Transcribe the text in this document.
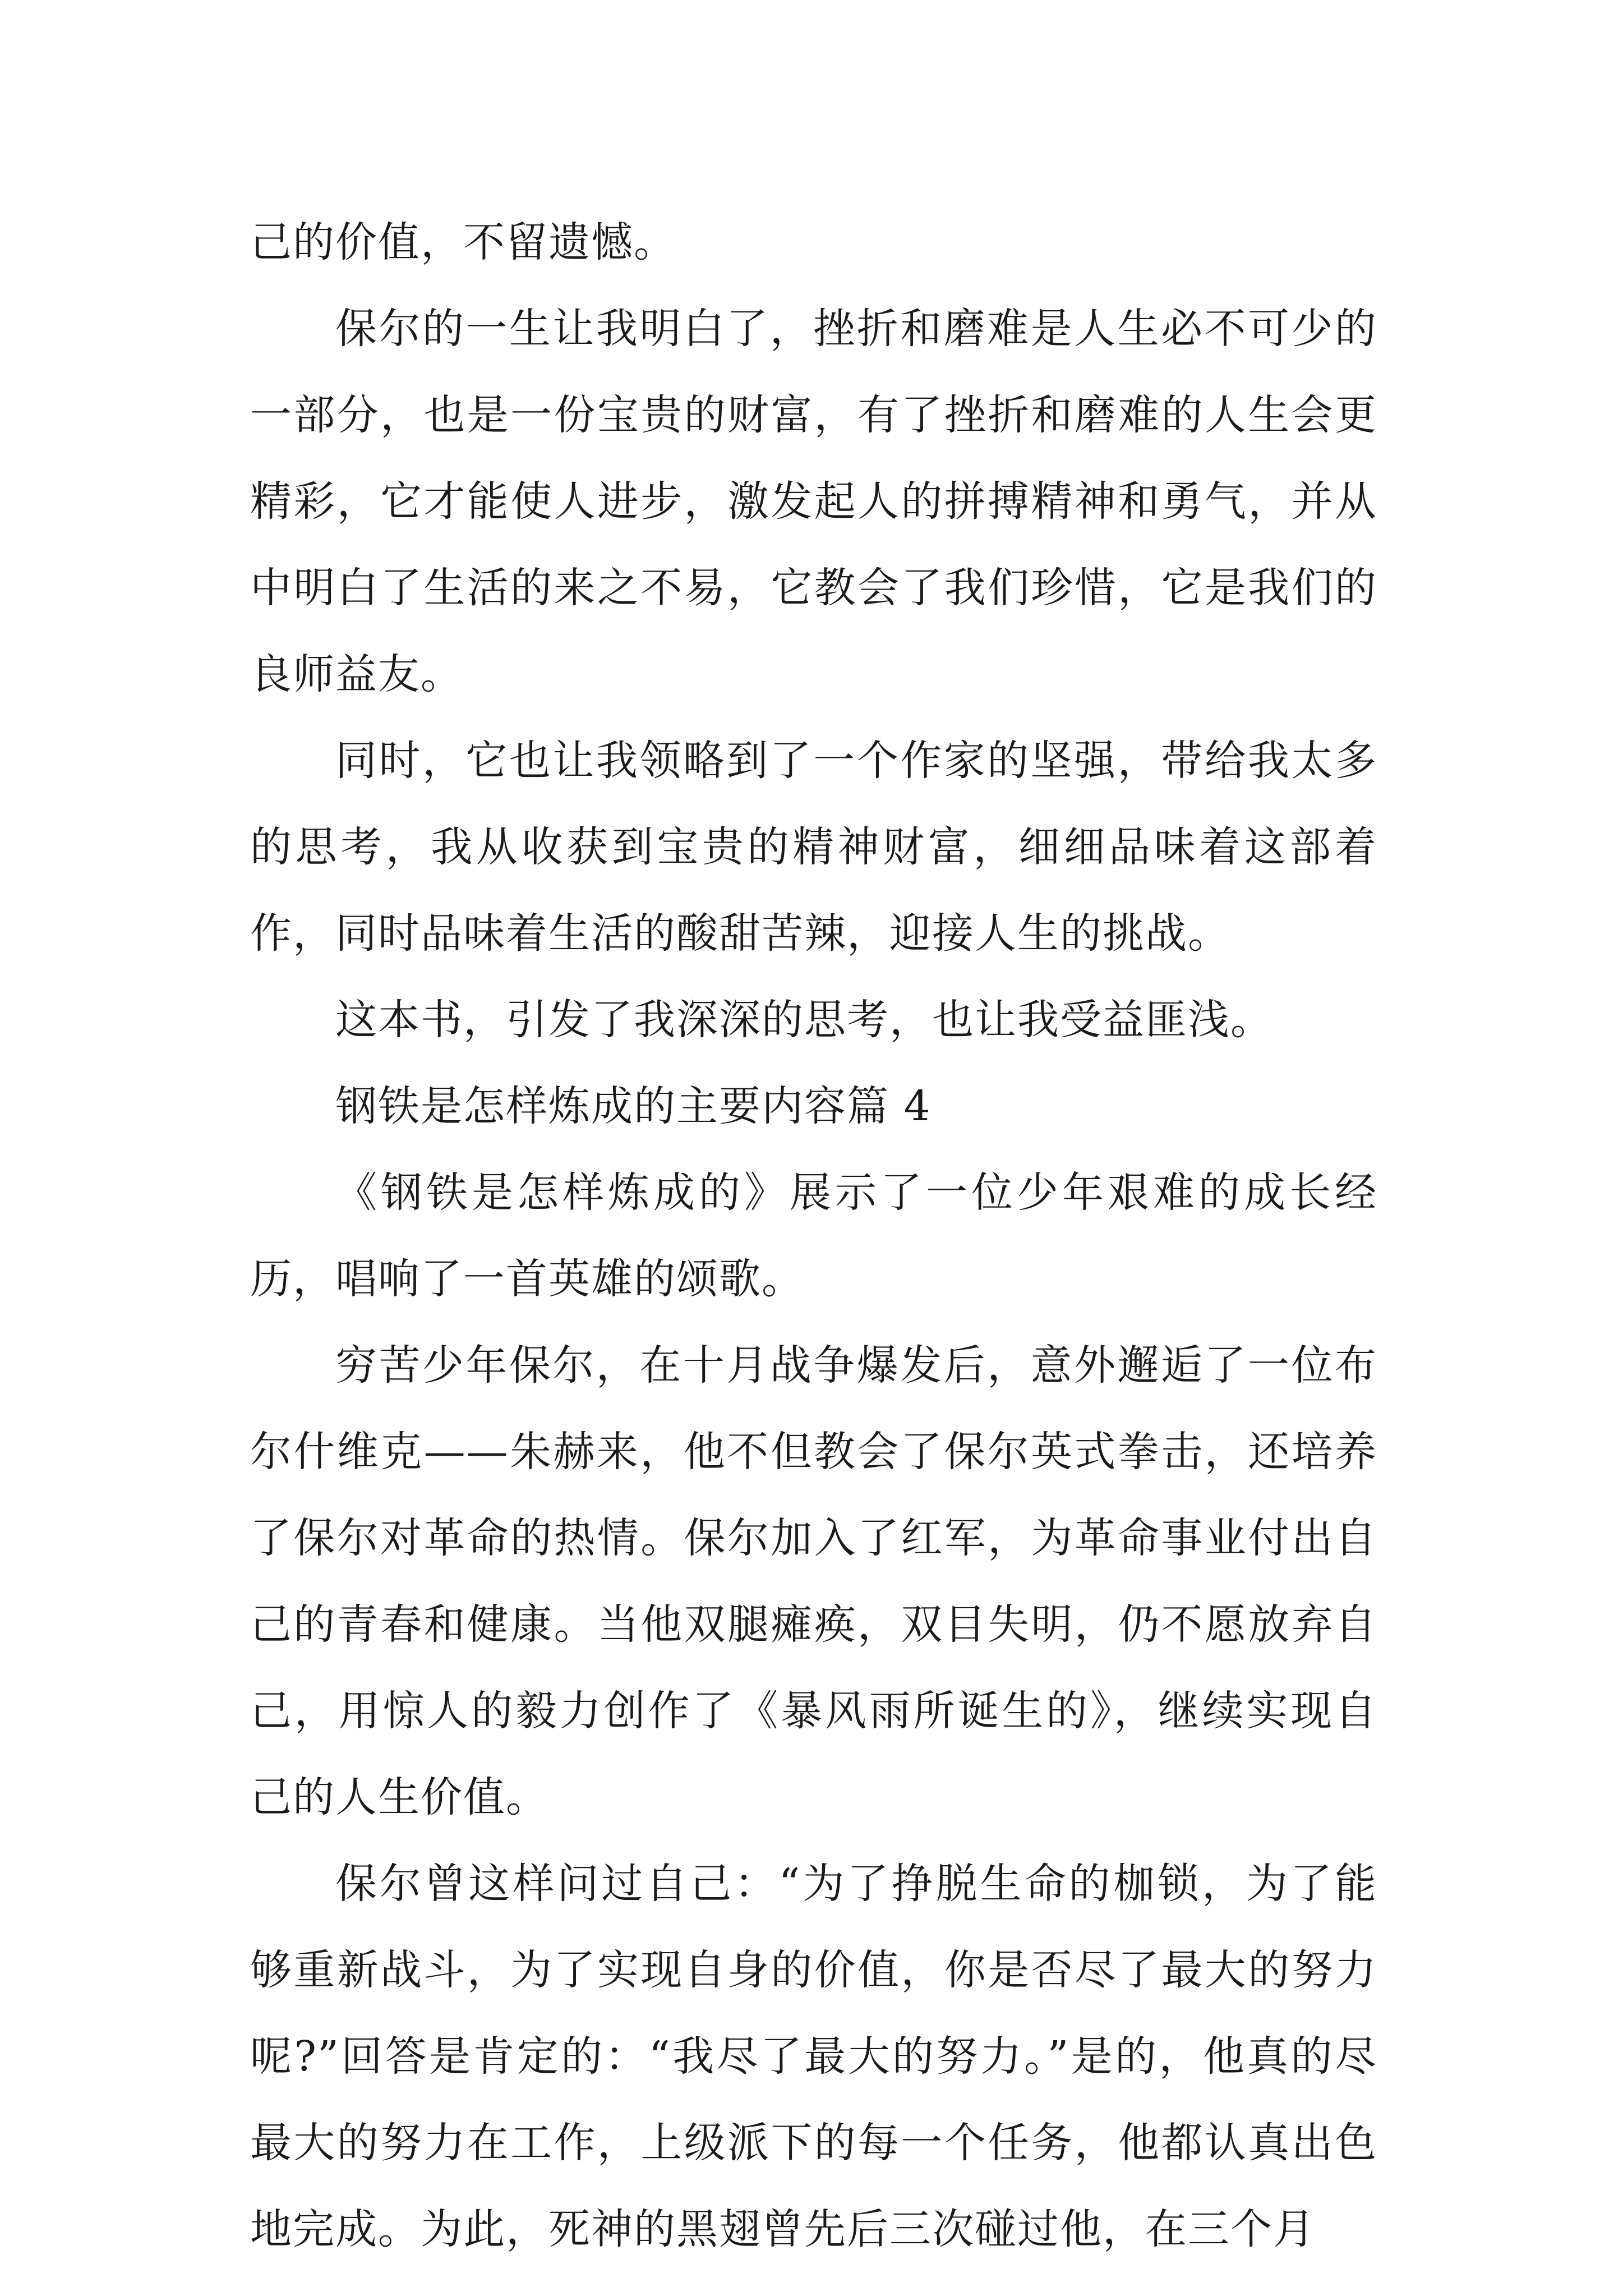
己的价值，不留遗憾。

保尔的一生让我明白了，挫折和磨难是人生必不可少的一部分，也是一份宝贵的财富，有了挫折和磨难的人生会更精彩，它才能使人进步，激发起人的拼搏精神和勇气，并从中明白了生活的来之不易，它教会了我们珍惜，它是我们的良师益友。

同时，它也让我领略到了一个作家的坚强，带给我太多的思考，我从收获到宝贵的精神财富，细细品味着这部着作，同时品味着生活的酸甜苦辣，迎接人生的挑战。

这本书，引发了我深深的思考，也让我受益匪浅。

钢铁是怎样炼成的主要内容篇 4

《钢铁是怎样炼成的》展示了一位少年艰难的成长经历，唱响了一首英雄的颂歌。

穷苦少年保尔，在十月战争爆发后，意外邂逅了一位布尔什维克——朱赫来，他不但教会了保尔英式拳击，还培养了保尔对革命的热情。保尔加入了红军，为革命事业付出自己的青春和健康。当他双腿瘫痪，双目失明，仍不愿放弃自己，用惊人的毅力创作了《暴风雨所诞生的》，继续实现自己的人生价值。

保尔曾这样问过自己：“为了挣脱生命的枷锁，为了能够重新战斗，为了实现自身的价值，你是否尽了最大的努力呢?”回答是肯定的：“我尽了最大的努力。”是的，他真的尽最大的努力在工作，上级派下的每一个任务，他都认真出色地完成。为此，死神的黑翅曾先后三次碰过他，在三个月
